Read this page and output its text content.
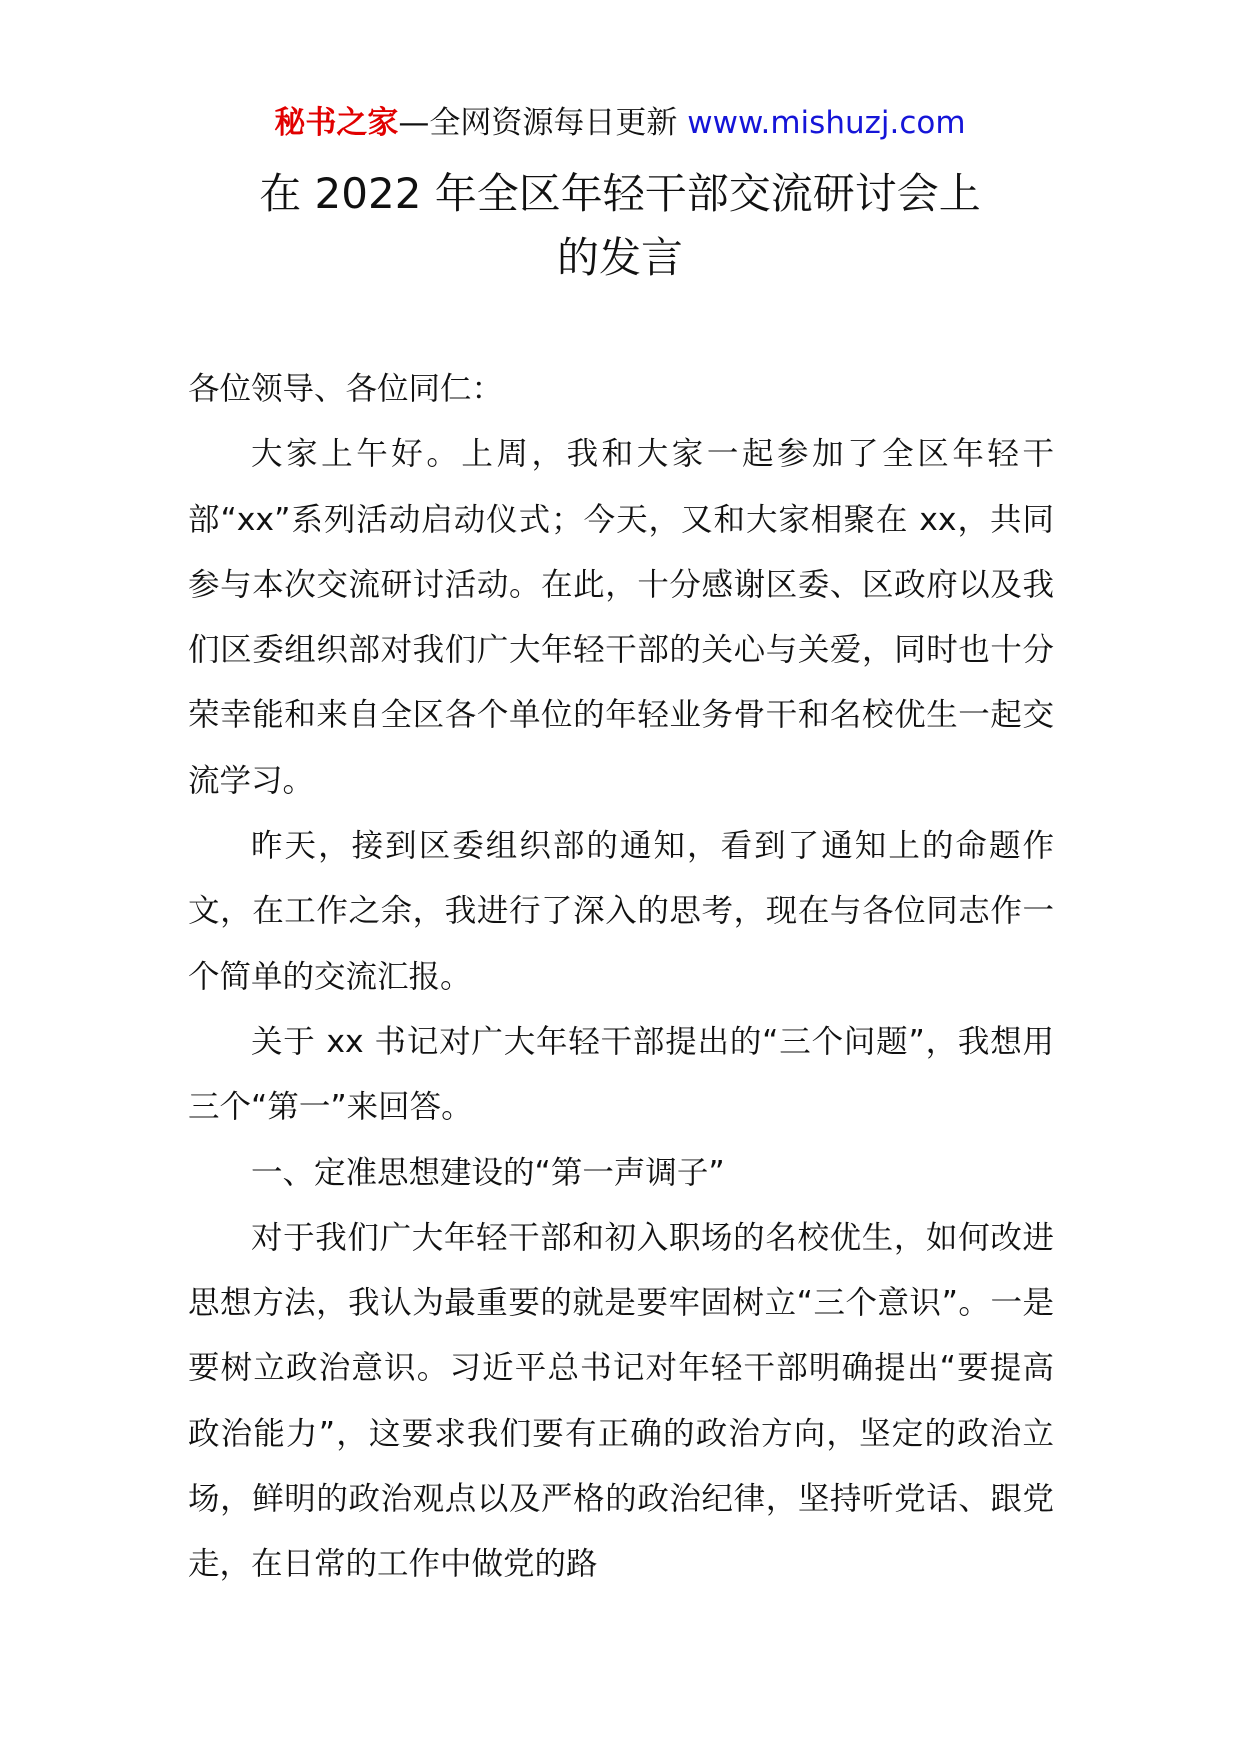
秘书之家—全网资源每日更新 www.mishuzj.com
在 2022 年全区年轻干部交流研讨会上
的发言

各位领导、各位同仁：

大家上午好。上周，我和大家一起参加了全区年轻干部“xx”系列活动启动仪式；今天，又和大家相聚在 xx，共同参与本次交流研讨活动。在此，十分感谢区委、区政府以及我们区委组织部对我们广大年轻干部的关心与关爱，同时也十分荣幸能和来自全区各个单位的年轻业务骨干和名校优生一起交流学习。

昨天，接到区委组织部的通知，看到了通知上的命题作文，在工作之余，我进行了深入的思考，现在与各位同志作一个简单的交流汇报。

关于 xx 书记对广大年轻干部提出的“三个问题”，我想用三个“第一”来回答。

一、定准思想建设的“第一声调子”

对于我们广大年轻干部和初入职场的名校优生，如何改进思想方法，我认为最重要的就是要牢固树立“三个意识”。一是要树立政治意识。习近平总书记对年轻干部明确提出“要提高政治能力”，这要求我们要有正确的政治方向，坚定的政治立场，鲜明的政治观点以及严格的政治纪律，坚持听党话、跟党走，在日常的工作中做党的路
